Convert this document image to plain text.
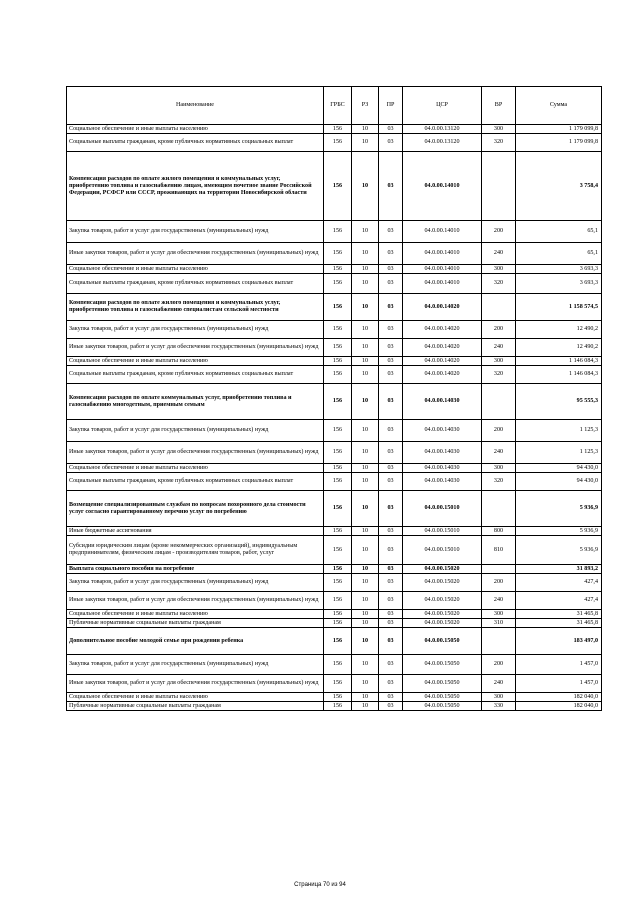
Наименование	ГРБС	РЗ	ПР	ЦСР	ВР	Сумма
Социальное обеспечение и иные выплаты населению	156	10	03	04.0.00.13120	300	1 179 099,8
Социальные выплаты гражданам, кроме публичных нормативных социальных выплат	156	10	03	04.0.00.13120	320	1 179 099,8
Компенсация расходов по оплате жилого помещения и коммунальных услуг, приобретению топлива и газоснабжению лицам, имеющим почетное звание Российской Федерации, РСФСР или СССР, проживающих на территории Новосибирской области	156	10	03	04.0.00.14010		3 758,4
Закупка товаров, работ и услуг для государственных (муниципальных) нужд	156	10	03	04.0.00.14010	200	65,1
Иные закупки товаров, работ и услуг для обеспечения государственных (муниципальных) нужд	156	10	03	04.0.00.14010	240	65,1
Социальное обеспечение и иные выплаты населению	156	10	03	04.0.00.14010	300	3 693,3
Социальные выплаты гражданам, кроме публичных нормативных социальных выплат	156	10	03	04.0.00.14010	320	3 693,3
Компенсация расходов по оплате жилого помещения и коммунальных услуг, приобретению топлива и газоснабжению специалистам сельской местности	156	10	03	04.0.00.14020		1 158 574,5
Закупка товаров, работ и услуг для государственных (муниципальных) нужд	156	10	03	04.0.00.14020	200	12 490,2
Иные закупки товаров, работ и услуг для обеспечения государственных (муниципальных) нужд	156	10	03	04.0.00.14020	240	12 490,2
Социальное обеспечение и иные выплаты населению	156	10	03	04.0.00.14020	300	1 146 084,3
Социальные выплаты гражданам, кроме публичных нормативных социальных выплат	156	10	03	04.0.00.14020	320	1 146 084,3
Компенсация расходов по оплате коммунальных услуг, приобретению топлива и газоснабжению многодетным, приемным семьям	156	10	03	04.0.00.14030		95 555,3
Закупка товаров, работ и услуг для государственных (муниципальных) нужд	156	10	03	04.0.00.14030	200	1 125,3
Иные закупки товаров, работ и услуг для обеспечения государственных (муниципальных) нужд	156	10	03	04.0.00.14030	240	1 125,3
Социальное обеспечение и иные выплаты населению	156	10	03	04.0.00.14030	300	94 430,0
Социальные выплаты гражданам, кроме публичных нормативных социальных выплат	156	10	03	04.0.00.14030	320	94 430,0
Возмещение специализированным службам по вопросам похоронного дела стоимости услуг согласно гарантированному перечню услуг по погребению	156	10	03	04.0.00.15010		5 936,9
Иные бюджетные ассигнования	156	10	03	04.0.00.15010	800	5 936,9
Субсидии юридическим лицам (кроме некоммерческих организаций), индивидуальным предпринимателям, физическим лицам - производителям товаров, работ, услуг	156	10	03	04.0.00.15010	810	5 936,9
Выплата социального пособия на погребение	156	10	03	04.0.00.15020		31 893,2
Закупка товаров, работ и услуг для государственных (муниципальных) нужд	156	10	03	04.0.00.15020	200	427,4
Иные закупки товаров, работ и услуг для обеспечения государственных (муниципальных) нужд	156	10	03	04.0.00.15020	240	427,4
Социальное обеспечение и иные выплаты населению	156	10	03	04.0.00.15020	300	31 465,8
Публичные нормативные социальные выплаты гражданам	156	10	03	04.0.00.15020	310	31 465,8
Дополнительное пособие молодой семье при рождении ребенка	156	10	03	04.0.00.15050		183 497,0
Закупка товаров, работ и услуг для государственных (муниципальных) нужд	156	10	03	04.0.00.15050	200	1 457,0
Иные закупки товаров, работ и услуг для обеспечения государственных (муниципальных) нужд	156	10	03	04.0.00.15050	240	1 457,0
Социальное обеспечение и иные выплаты населению	156	10	03	04.0.00.15050	300	182 040,0
Публичные нормативные социальные выплаты гражданам	156	10	03	04.0.00.15050	330	182 040,0
Страница 70 из 94
